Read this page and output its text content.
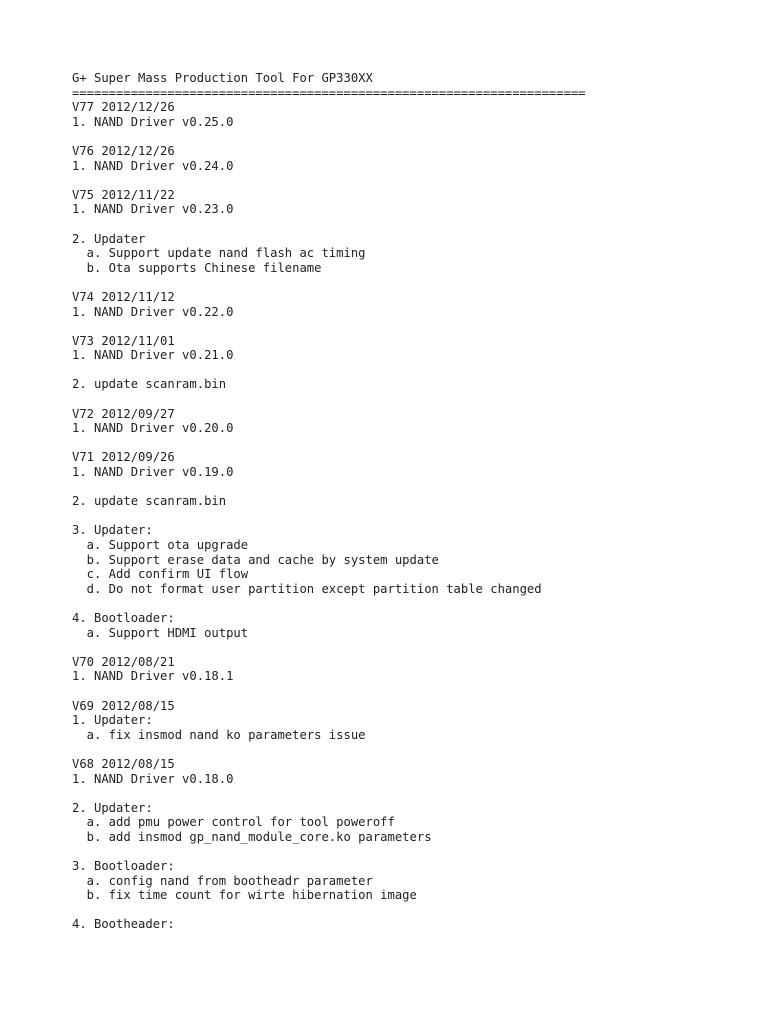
G+ Super Mass Production Tool For GP330XX
======================================================================
V77 2012/12/26
1. NAND Driver v0.25.0
V76 2012/12/26
1. NAND Driver v0.24.0
V75 2012/11/22
1. NAND Driver v0.23.0
2. Updater
a. Support update nand flash ac timing
b. Ota supports Chinese filename
V74 2012/11/12
1. NAND Driver v0.22.0
V73 2012/11/01
1. NAND Driver v0.21.0
2. update scanram.bin
V72 2012/09/27
1. NAND Driver v0.20.0
V71 2012/09/26
1. NAND Driver v0.19.0
2. update scanram.bin
3. Updater:
a. Support ota upgrade
b. Support erase data and cache by system update
c. Add confirm UI flow
d. Do not format user partition except partition table changed
4. Bootloader:
a. Support HDMI output
V70 2012/08/21
1. NAND Driver v0.18.1
V69 2012/08/15
1. Updater:
a. fix insmod nand ko parameters issue
V68 2012/08/15
1. NAND Driver v0.18.0
2. Updater:
a. add pmu power control for tool poweroff
b. add insmod gp_nand_module_core.ko parameters
3. Bootloader:
a. config nand from bootheadr parameter
b. fix time count for wirte hibernation image
4. Bootheader:
